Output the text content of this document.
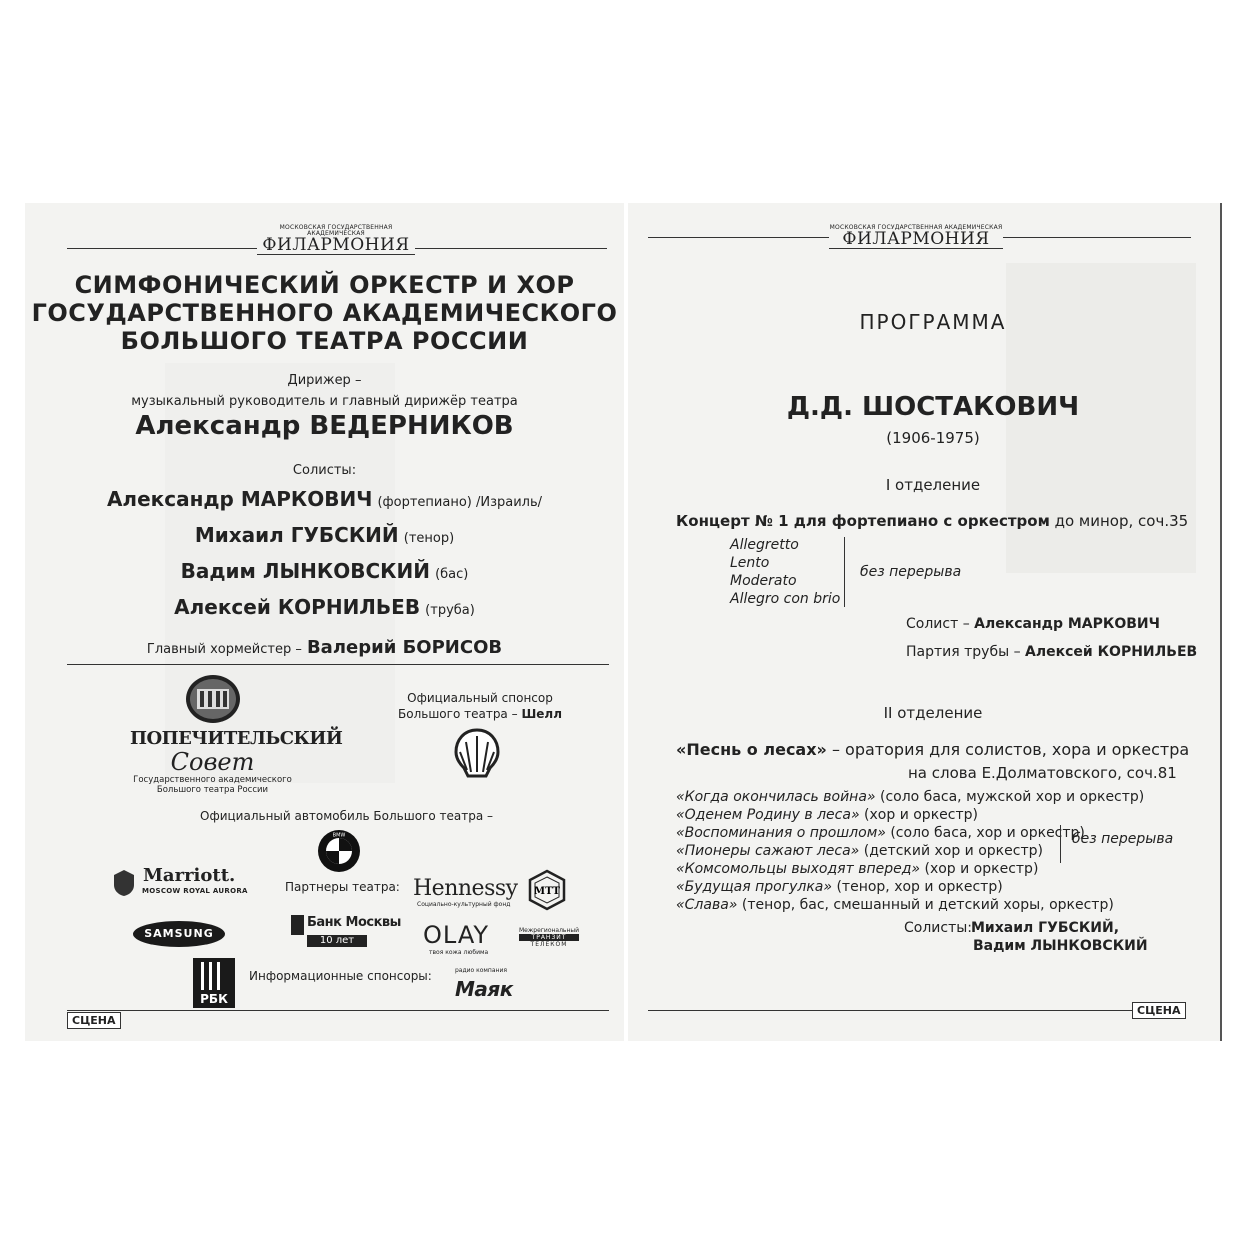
МОСКОВСКАЯ ГОСУДАРСТВЕННАЯ АКАДЕМИЧЕСКАЯ
ФИЛАРМОНИЯ
СИМФОНИЧЕСКИЙ ОРКЕСТР И ХОР
ГОСУДАРСТВЕННОГО АКАДЕМИЧЕСКОГО
БОЛЬШОГО ТЕАТРА РОССИИ
Дирижер –
музыкальный руководитель и главный дирижёр театра
Александр ВЕДЕРНИКОВ
Солисты:
Александр МАРКОВИЧ (фортепиано) /Израиль/
Михаил ГУБСКИЙ (тенор)
Вадим ЛЫНКОВСКИЙ (бас)
Алексей КОРНИЛЬЕВ (труба)
Главный хормейстер – Валерий БОРИСОВ
ПОПЕЧИТЕЛЬСКИЙ
Совет
Государственного академического
Большого театра России
Официальный спонсор
Большого театра – Шелл
Официальный автомобиль Большого театра –
BMW
Marriott.
MOSCOW ROYAL AURORA	Партнеры театра:
SAMSUNG
Банк Москвы
10 лет
Hennessy
Социально-культурный фонд
OLAY
твоя кожа любима
МТТ
Межрегиональный
ТРАНЗИТ
ТЕЛЕКОМ
РБК
Информационные спонсоры:	радио компания
Маяк
СЦЕНА
МОСКОВСКАЯ ГОСУДАРСТВЕННАЯ АКАДЕМИЧЕСКАЯ
ФИЛАРМОНИЯ
ПРОГРАММА
Д.Д. ШОСТАКОВИЧ
(1906-1975)
I отделение
Концерт № 1 для фортепиано с оркестром до минор, соч.35
Allegretto
Lento
Moderato
Allegro con brio
без перерыва
Солист – Александр МАРКОВИЧ
Партия трубы – Алексей КОРНИЛЬЕВ
II отделение
«Песнь о лесах» – оратория для солистов, хора и оркестра
на слова Е.Долматовского, соч.81
«Когда окончилась война» (соло баса, мужской хор и оркестр)
«Оденем Родину в леса» (хор и оркестр)
«Воспоминания о прошлом» (соло баса, хор и оркестр)
«Пионеры сажают леса» (детский хор и оркестр)
«Комсомольцы выходят вперед» (хор и оркестр)
«Будущая прогулка» (тенор, хор и оркестр)
«Слава» (тенор, бас, смешанный и детский хоры, оркестр)
без перерыва
Солисты:
Михаил ГУБСКИЙ,
Вадим ЛЫНКОВСКИЙ
СЦЕНА
